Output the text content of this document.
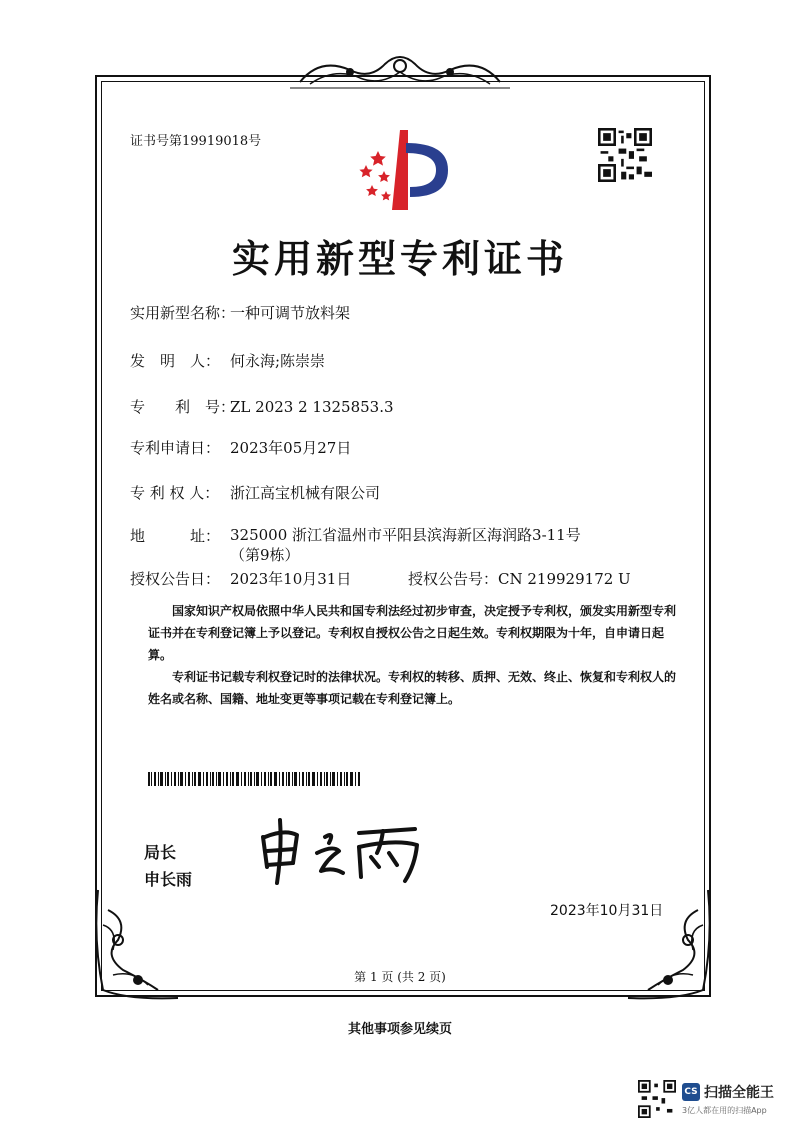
证书号第19919018号
实用新型专利证书
实用新型名称：一种可调节放料架
发　明　人： 何永海;陈崇崇
专　　利　号：ZL 2023 2 1325853.3
专利申请日： 2023年05月27日
专 利 权 人： 浙江高宝机械有限公司
地　　　址： 325000 浙江省温州市平阳县滨海新区海润路3-11号（第9栋）
授权公告日： 2023年10月31日	授权公告号：CN 219929172 U
国家知识产权局依照中华人民共和国专利法经过初步审查，决定授予专利权，颁发实用新型专利证书并在专利登记簿上予以登记。专利权自授权公告之日起生效。专利权期限为十年，自申请日起算。
专利证书记载专利权登记时的法律状况。专利权的转移、质押、无效、终止、恢复和专利权人的姓名或名称、国籍、地址变更等事项记载在专利登记簿上。
局长
申长雨
2023年10月31日
第 1 页 (共 2 页)
其他事项参见续页
CS 扫描全能王
3亿人都在用的扫描App
